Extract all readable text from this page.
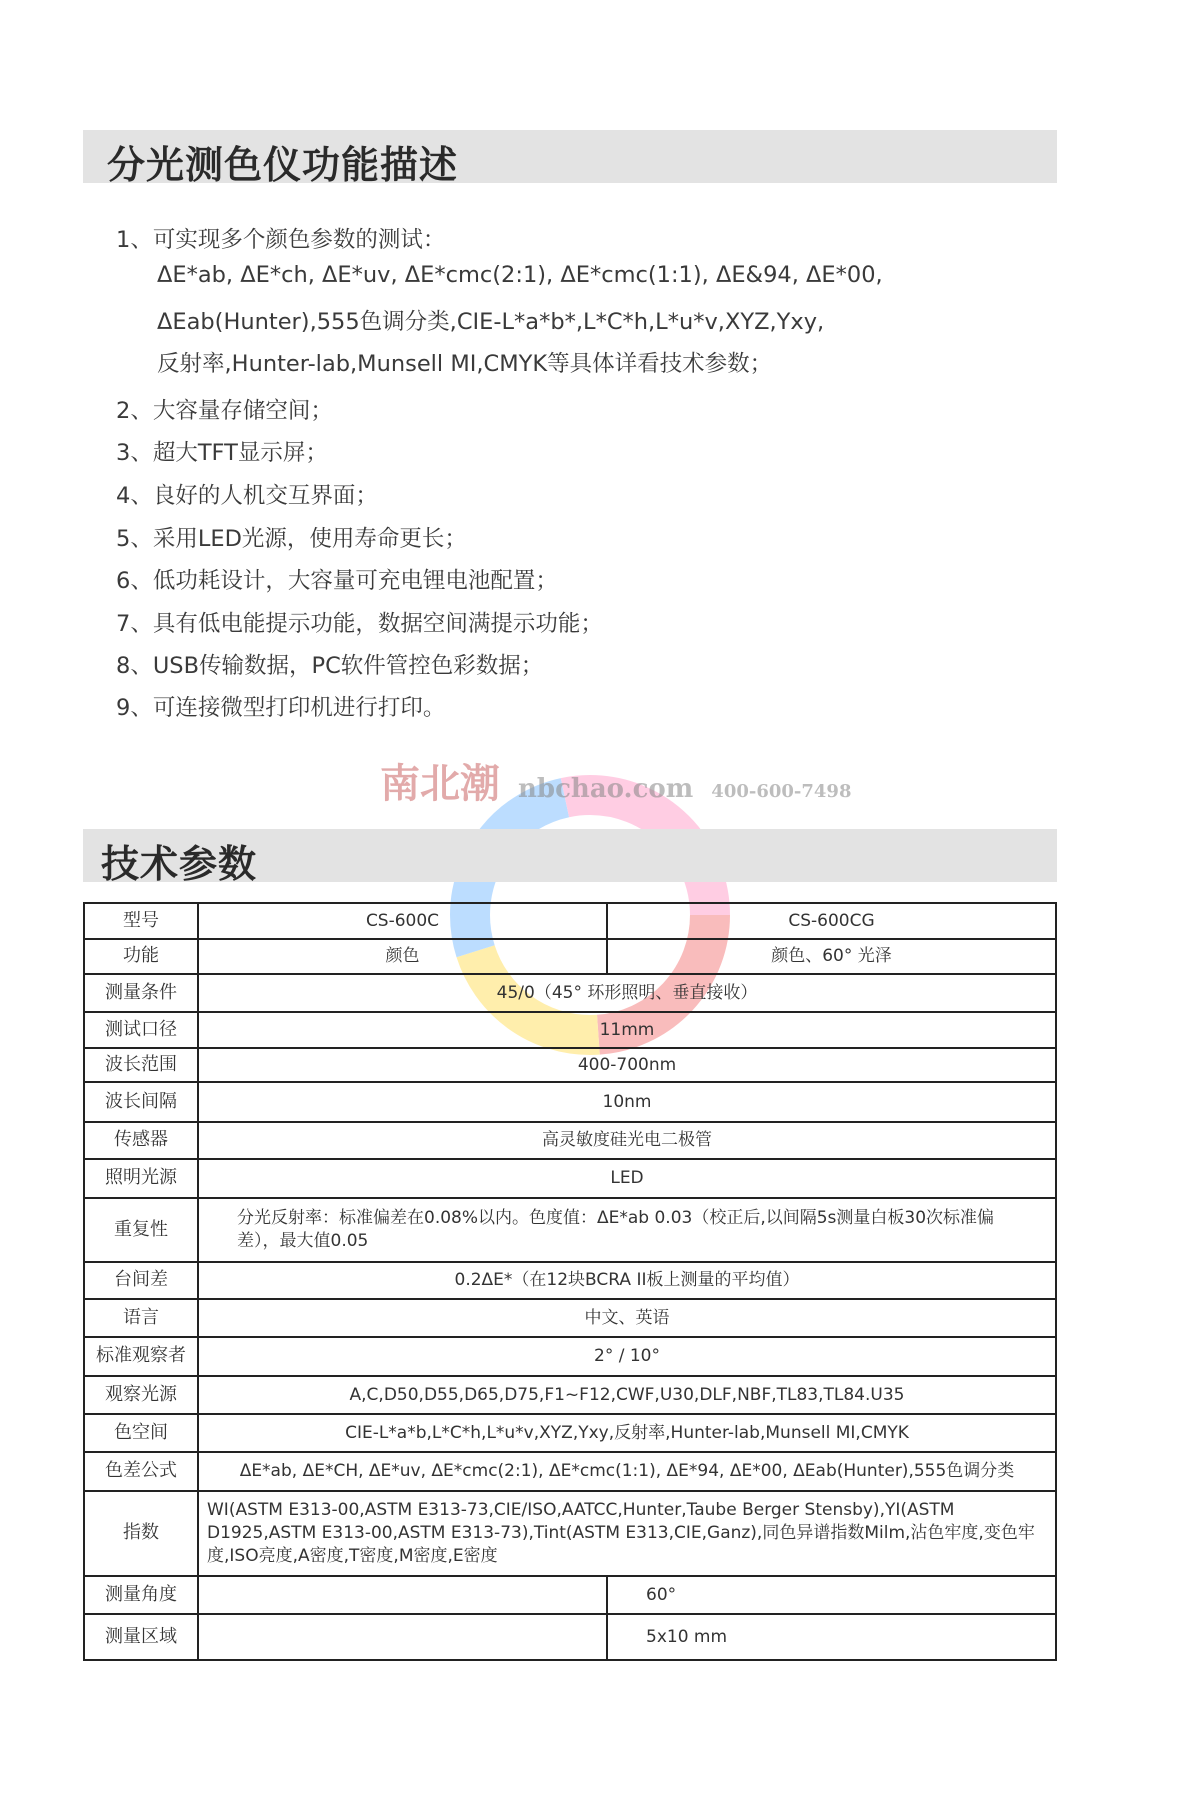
南北潮 nbchao.com 400-600-7498
分光测色仪功能描述
1、可实现多个颜色参数的测试：
ΔE*ab, ΔE*ch, ΔE*uv, ΔE*cmc(2:1), ΔE*cmc(1:1), ΔE&94, ΔE*00,
ΔEab(Hunter),555色调分类,CIE-L*a*b*,L*C*h,L*u*v,XYZ,Yxy,
反射率,Hunter-lab,Munsell MI,CMYK等具体详看技术参数；
2、大容量存储空间；
3、超大TFT显示屏；
4、良好的人机交互界面；
5、采用LED光源，使用寿命更长；
6、低功耗设计，大容量可充电锂电池配置；
7、具有低电能提示功能，数据空间满提示功能；
8、USB传输数据，PC软件管控色彩数据；
9、可连接微型打印机进行打印。
技术参数
型号	CS-600C	CS-600CG
功能	颜色	颜色、60° 光泽
测量条件	45/0（45° 环形照明、垂直接收）	
测试口径	11mm	
波长范围	400-700nm	
波长间隔	10nm	
传感器	高灵敏度硅光电二极管	
照明光源	LED	
重复性	分光反射率：标准偏差在0.08%以内。色度值：ΔE*ab 0.03（校正后,以间隔5s测量白板30次标准偏差），最大值0.05	
台间差	0.2ΔE*（在12块BCRA II板上测量的平均值）	
语言	中文、英语	
标准观察者	2° / 10°	
观察光源	A,C,D50,D55,D65,D75,F1~F12,CWF,U30,DLF,NBF,TL83,TL84.U35	
色空间	CIE-L*a*b,L*C*h,L*u*v,XYZ,Yxy,反射率,Hunter-lab,Munsell MI,CMYK	
色差公式	ΔE*ab, ΔE*CH, ΔE*uv, ΔE*cmc(2:1), ΔE*cmc(1:1), ΔE*94, ΔE*00, ΔEab(Hunter),555色调分类	
指数	WI(ASTM E313-00,ASTM E313-73,CIE/ISO,AATCC,Hunter,Taube Berger Stensby),YI(ASTM D1925,ASTM E313-00,ASTM E313-73),Tint(ASTM E313,CIE,Ganz),同色异谱指数Milm,沾色牢度,变色牢度,ISO亮度,A密度,T密度,M密度,E密度	
测量角度		60°
测量区域		5x10 mm
